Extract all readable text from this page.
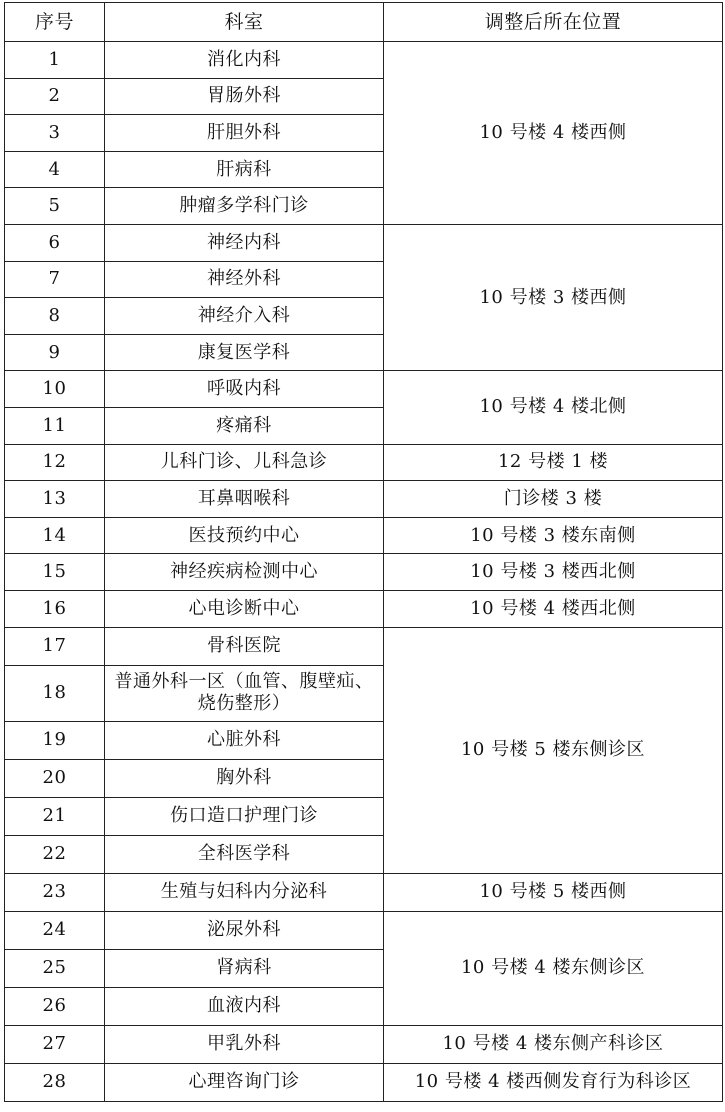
序号	科室	调整后所在位置
1	消化内科	10 号楼 4 楼西侧
2	胃肠外科	
3	肝胆外科	
4	肝病科	
5	肿瘤多学科门诊	
6	神经内科	10 号楼 3 楼西侧
7	神经外科	
8	神经介入科	
9	康复医学科	
10	呼吸内科	10 号楼 4 楼北侧
11	疼痛科	
12	儿科门诊、儿科急诊	12 号楼 1 楼
13	耳鼻咽喉科	门诊楼 3 楼
14	医技预约中心	10 号楼 3 楼东南侧
15	神经疾病检测中心	10 号楼 3 楼西北侧
16	心电诊断中心	10 号楼 4 楼西北侧
17	骨科医院	10 号楼 5 楼东侧诊区
18	普通外科一区（血管、腹壁疝、烧伤整形）	
19	心脏外科	
20	胸外科	
21	伤口造口护理门诊	
22	全科医学科	
23	生殖与妇科内分泌科	10 号楼 5 楼西侧
24	泌尿外科	10 号楼 4 楼东侧诊区
25	肾病科	
26	血液内科	
27	甲乳外科	10 号楼 4 楼东侧产科诊区
28	心理咨询门诊	10 号楼 4 楼西侧发育行为科诊区
